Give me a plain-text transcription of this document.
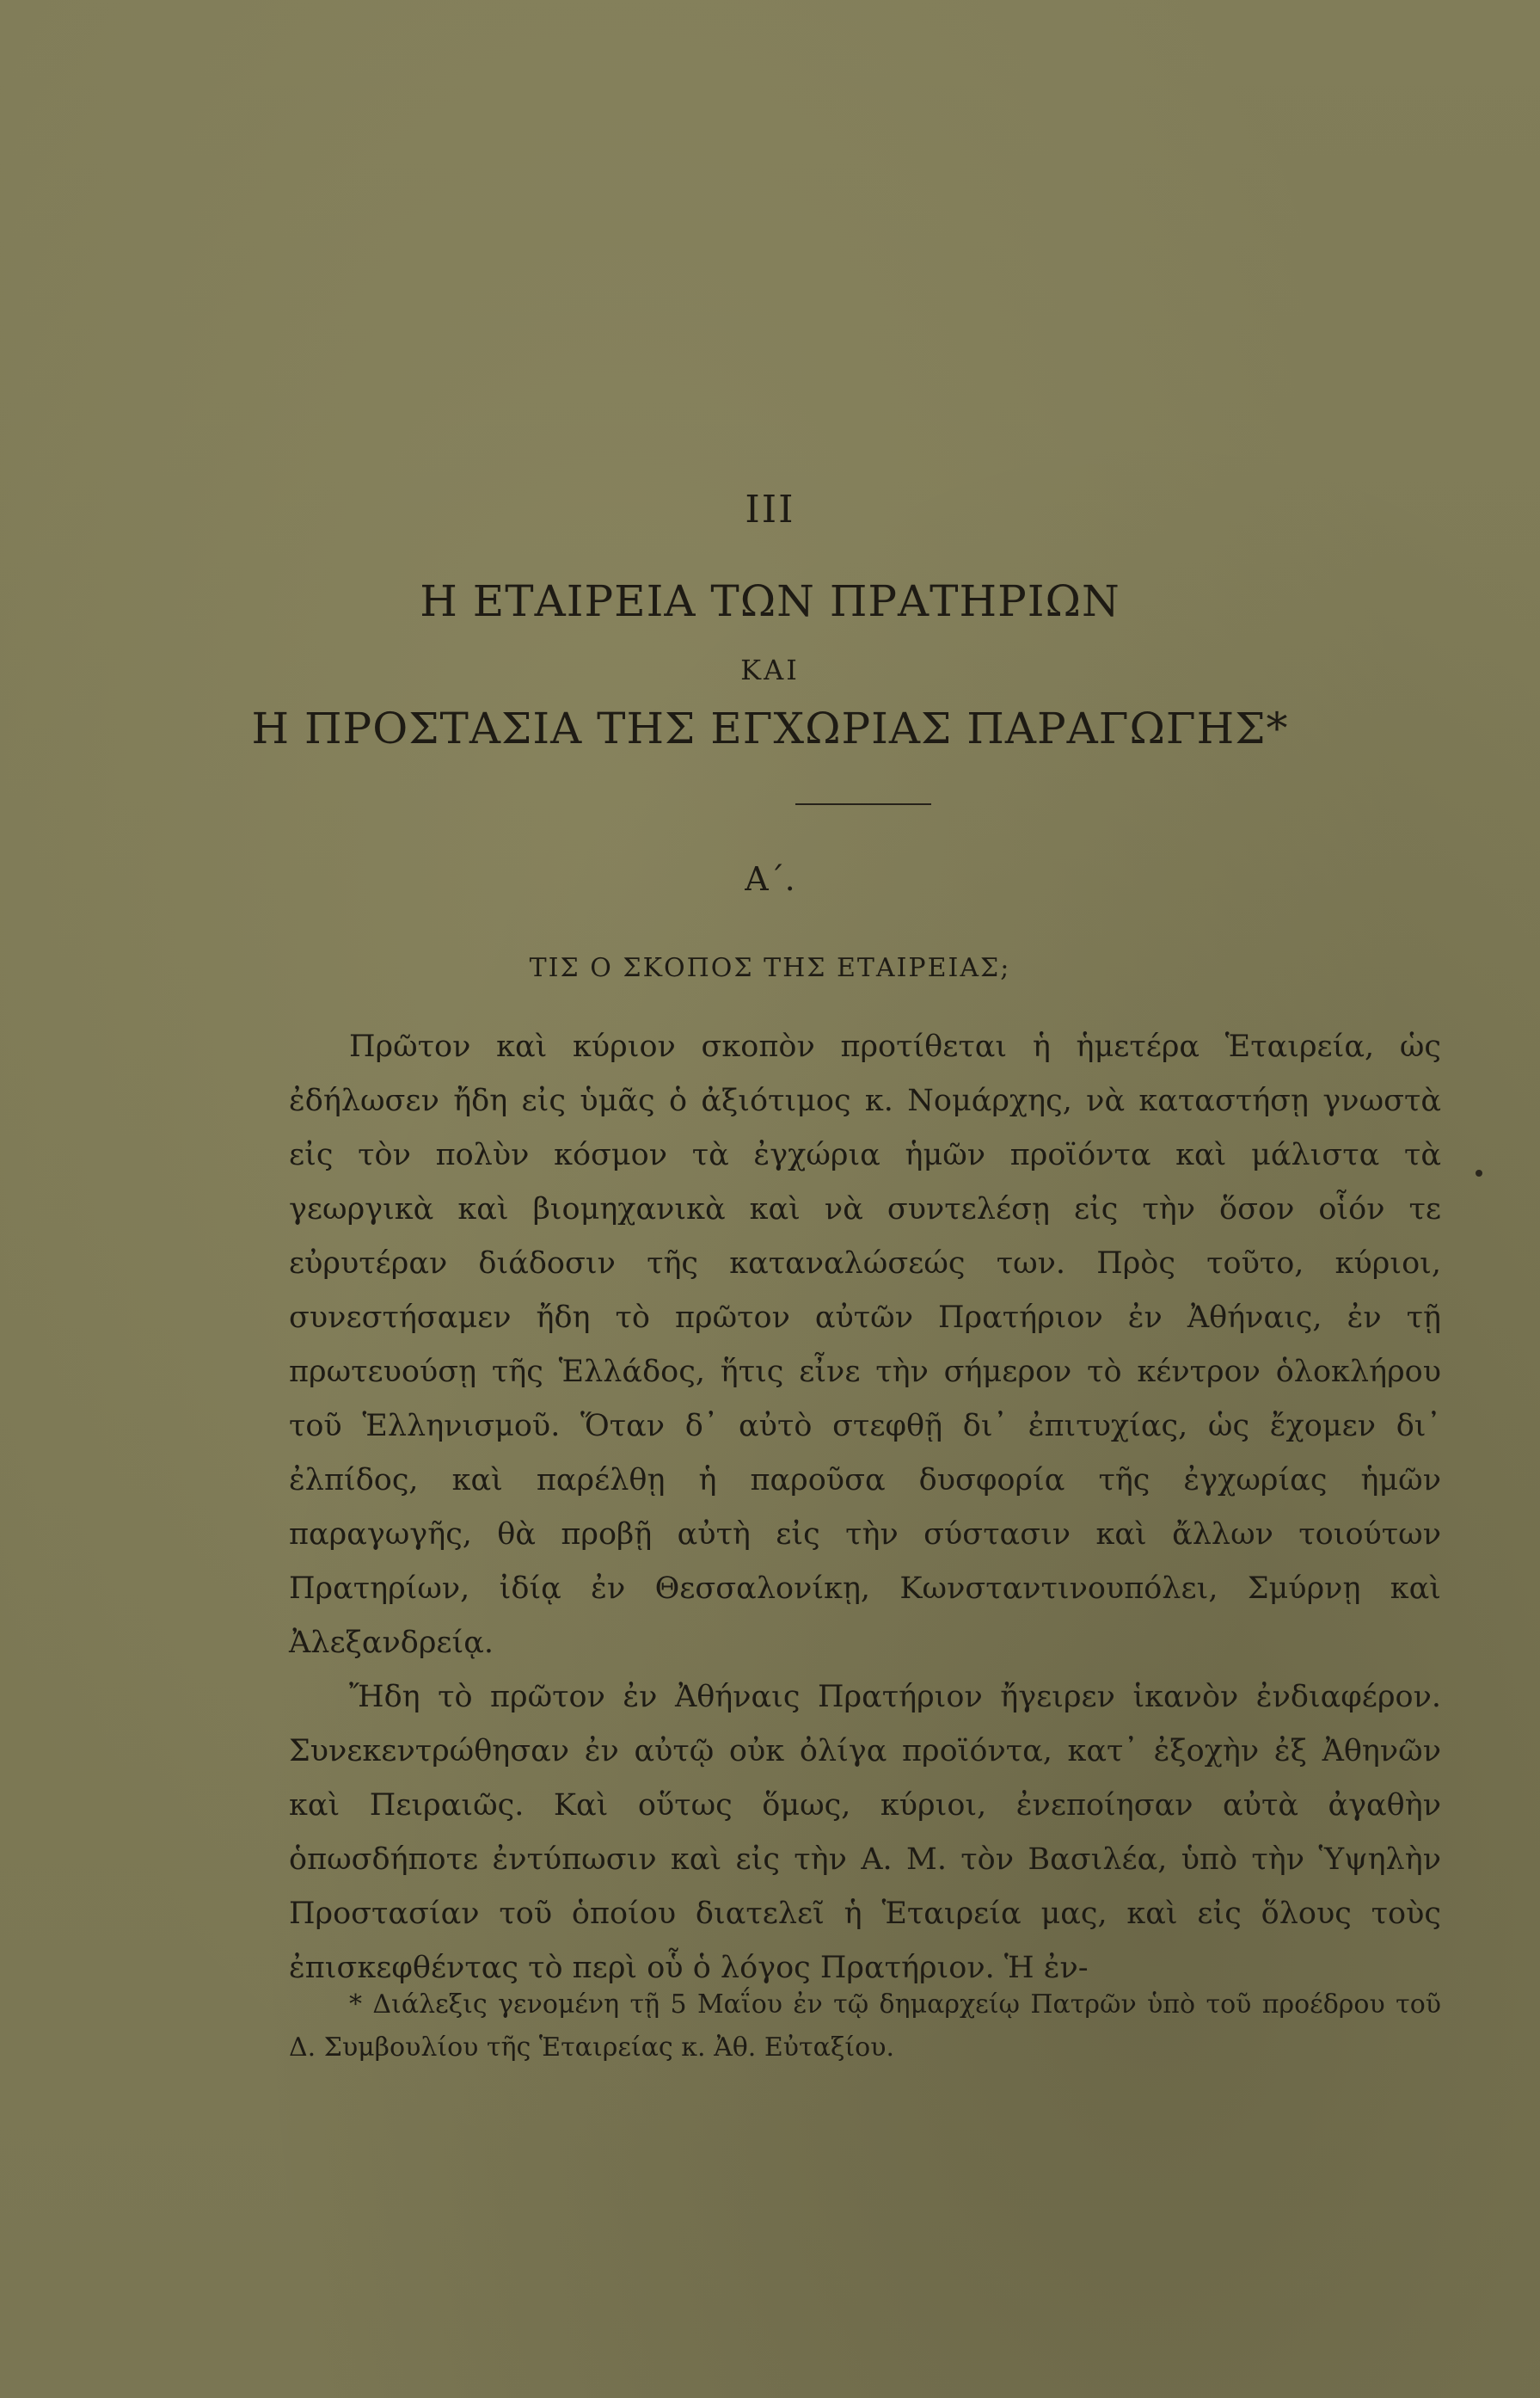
III
Η ΕΤΑΙΡΕΙΑ ΤΩΝ ΠΡΑΤΗΡΙΩΝ
ΚΑΙ
Η ΠΡΟΣΤΑΣΙΑ ΤΗΣ ΕΓΧΩΡΙΑΣ ΠΑΡΑΓΩΓΗΣ*
Α΄.
ΤΙΣ Ο ΣΚΟΠΟΣ ΤΗΣ ΕΤΑΙΡΕΙΑΣ;

Πρῶτον καὶ κύριον σκοπὸν προτίθεται ἡ ἡμετέρα Ἑταιρεία, ὡς ἐδήλωσεν ἤδη εἰς ὑμᾶς ὁ ἀξιότιμος κ. Νομάρχης, νὰ καταστήσῃ γνωστὰ εἰς τὸν πολὺν κόσμον τὰ ἐγχώρια ἡμῶν προϊόντα καὶ μάλιστα τὰ γεωργικὰ καὶ βιομηχανικὰ καὶ νὰ συντελέσῃ εἰς τὴν ὅσον οἷόν τε εὐρυτέραν διάδοσιν τῆς καταναλώσεώς των. Πρὸς τοῦτο, κύριοι, συνεστήσαμεν ἤδη τὸ πρῶτον αὐτῶν Πρατήριον ἐν Ἀθήναις, ἐν τῇ πρωτευούσῃ τῆς Ἑλλάδος, ἥτις εἶνε τὴν σήμερον τὸ κέντρον ὁλοκλήρου τοῦ Ἑλληνισμοῦ. Ὅταν δ᾽ αὐτὸ στεφθῇ δι᾽ ἐπιτυχίας, ὡς ἔχομεν δι᾽ ἐλπίδος, καὶ παρέλθῃ ἡ παροῦσα δυσφορία τῆς ἐγχωρίας ἡμῶν παραγωγῆς, θὰ προβῇ αὐτὴ εἰς τὴν σύστασιν καὶ ἄλλων τοιούτων Πρατηρίων, ἰδίᾳ ἐν Θεσσαλονίκῃ, Κωνσταντινουπόλει, Σμύρνῃ καὶ Ἀλεξανδρείᾳ.

Ἤδη τὸ πρῶτον ἐν Ἀθήναις Πρατήριον ἤγειρεν ἱκανὸν ἐνδιαφέρον. Συνεκεντρώθησαν ἐν αὐτῷ οὐκ ὀλίγα προϊόντα, κατ᾽ ἐξοχὴν ἐξ Ἀθηνῶν καὶ Πειραιῶς. Καὶ οὕτως ὅμως, κύριοι, ἐνεποίησαν αὐτὰ ἀγαθὴν ὁπωσδήποτε ἐντύπωσιν καὶ εἰς τὴν Α. Μ. τὸν Βασιλέα, ὑπὸ τὴν Ὑψηλὴν Προστασίαν τοῦ ὁποίου διατελεῖ ἡ Ἑταιρεία μας, καὶ εἰς ὅλους τοὺς ἐπισκεφθέντας τὸ περὶ οὗ ὁ λόγος Πρατήριον. Ἡ ἐν-

* Διάλεξις γενομένη τῇ 5 Μαΐου ἐν τῷ δημαρχείῳ Πατρῶν ὑπὸ τοῦ προέδρου τοῦ Δ. Συμβουλίου τῆς Ἑταιρείας κ. Ἀθ. Εὐταξίου.
